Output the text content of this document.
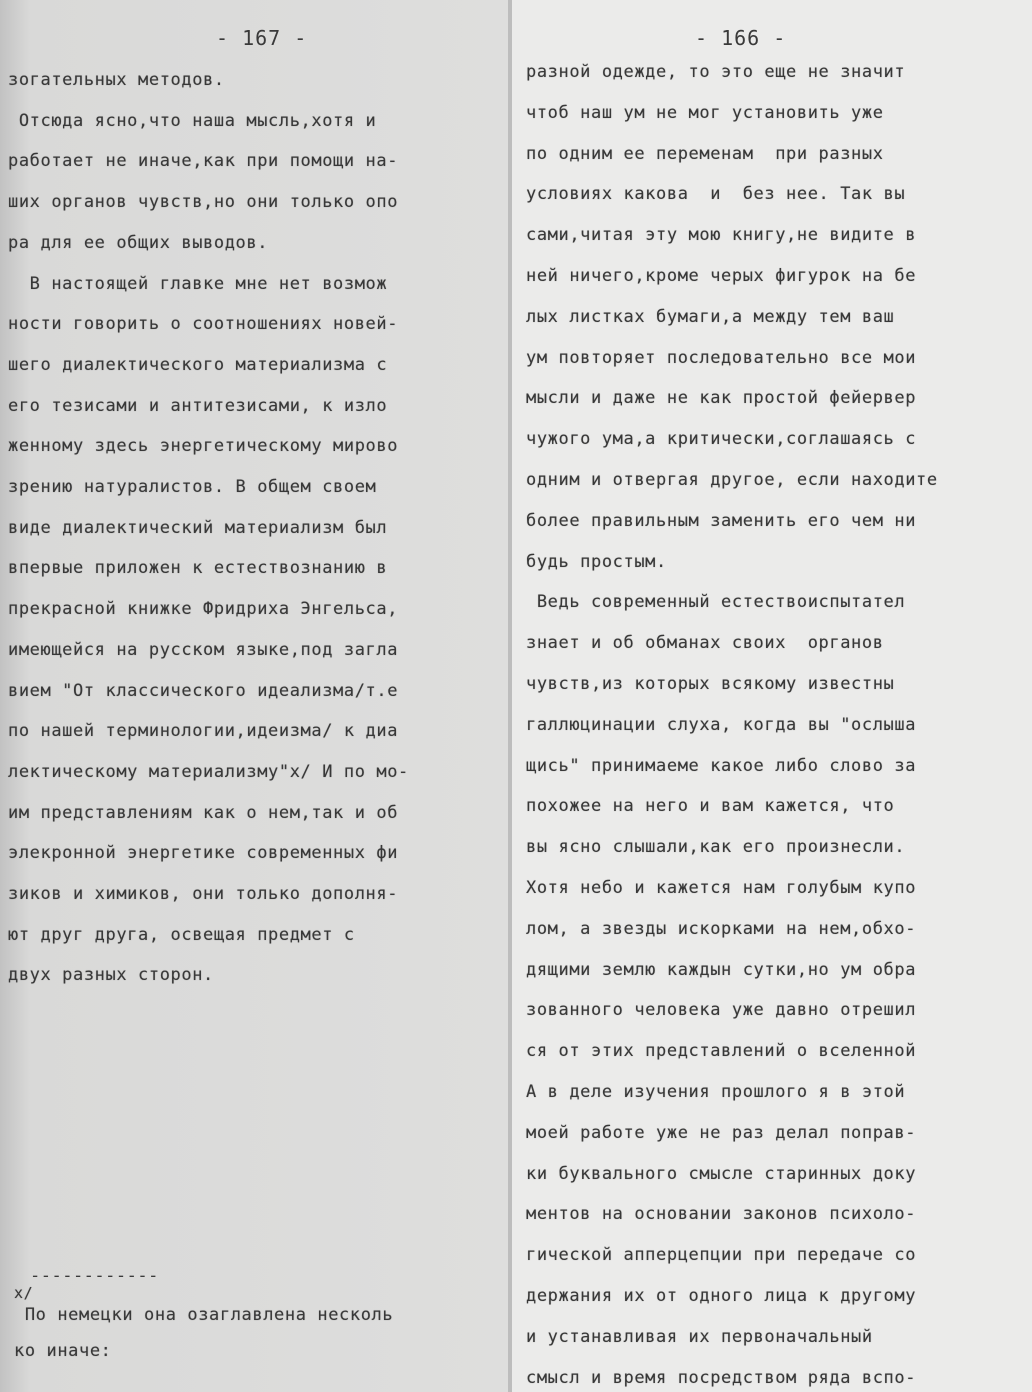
- 167 -
зогательных методов.
Отсюда ясно,что наша мысль,хотя и
работает не иначе,как при помощи на-
ших органов чувств,но они только опо
ра для ее общих выводов.
В настоящей главке мне нет возмож
ности говорить о соотношениях новей-
шего диалектического материализма с
его тезисами и антитезисами, к изло
женному здесь энергетическому мирово
зрению натуралистов. В общем своем
виде диалектический материализм был
впервые приложен к естествознанию в
прекрасной книжке Фридриха Энгельса,
имеющейся на русском языке,под загла
вием "От классического идеализма/т.е
по нашей терминологии,идеизма/ к диа
лектическому материализму"x/ И по мо-
им представлениям как о нем,так и об
элекронной энергетике современных фи
зиков и химиков, они только дополня-
ют друг друга, освещая предмет с
двух разных сторон.
------------
x/
По немецки она озаглавлена несколь
ко иначе:
- 166 -
разной одежде, то это еще не значит
чтоб наш ум не мог установить уже
по одним ее переменам  при разных
условиях какова  и  без нее. Так вы
сами,читая эту мою книгу,не видите в
ней ничего,кроме черых фигурок на бе
лых листках бумаги,а между тем ваш
ум повторяет последовательно все мои
мысли и даже не как простой фейервер
чужого ума,а критически,соглашаясь с
одним и отвергая другое, если находите
более правильным заменить его чем ни
будь простым.
Ведь современный естествоиспытател
знает и об обманах своих  органов
чувств,из которых всякому известны
галлюцинации слуха, когда вы "ослыша
щись" принимаеме какое либо слово за
похожее на него и вам кажется, что
вы ясно слышали,как его произнесли.
Хотя небо и кажется нам голубым купо
лом, а звезды искорками на нем,обхо-
дящими землю каждын сутки,но ум обра
зованного человека уже давно отрешил
ся от этих представлений о вселенной
А в деле изучения прошлого я в этой
моей работе уже не раз делал поправ-
ки буквального смысле старинных доку
ментов на основании законов психоло-
гической апперцепции при передаче со
держания их от одного лица к другому
и устанавливая их первоначальный
смысл и время посредством ряда вспо-
